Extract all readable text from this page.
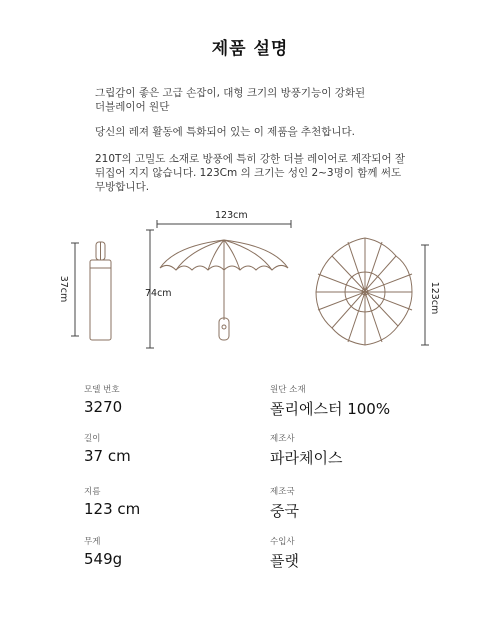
제품 설명
그립감이 좋은 고급 손잡이, 대형 크기의 방풍기능이 강화된
더블레이어 원단
당신의 레져 활동에 특화되어 있는 이 제품을 추천합니다.
210T의 고밀도 소재로 방풍에 특히 강한 더블 레이어로 제작되어 잘
뒤집어 지지 않습니다. 123Cm 의 크기는 성인 2~3명이 함께 써도
무방합니다.
37cm	74cm
123cm
123cm
모델 번호
3270
원단 소재
폴리에스터 100%
길이
37 cm
제조사
파라체이스
지름
123 cm
제조국
중국
무게
549g
수입사
플랫
